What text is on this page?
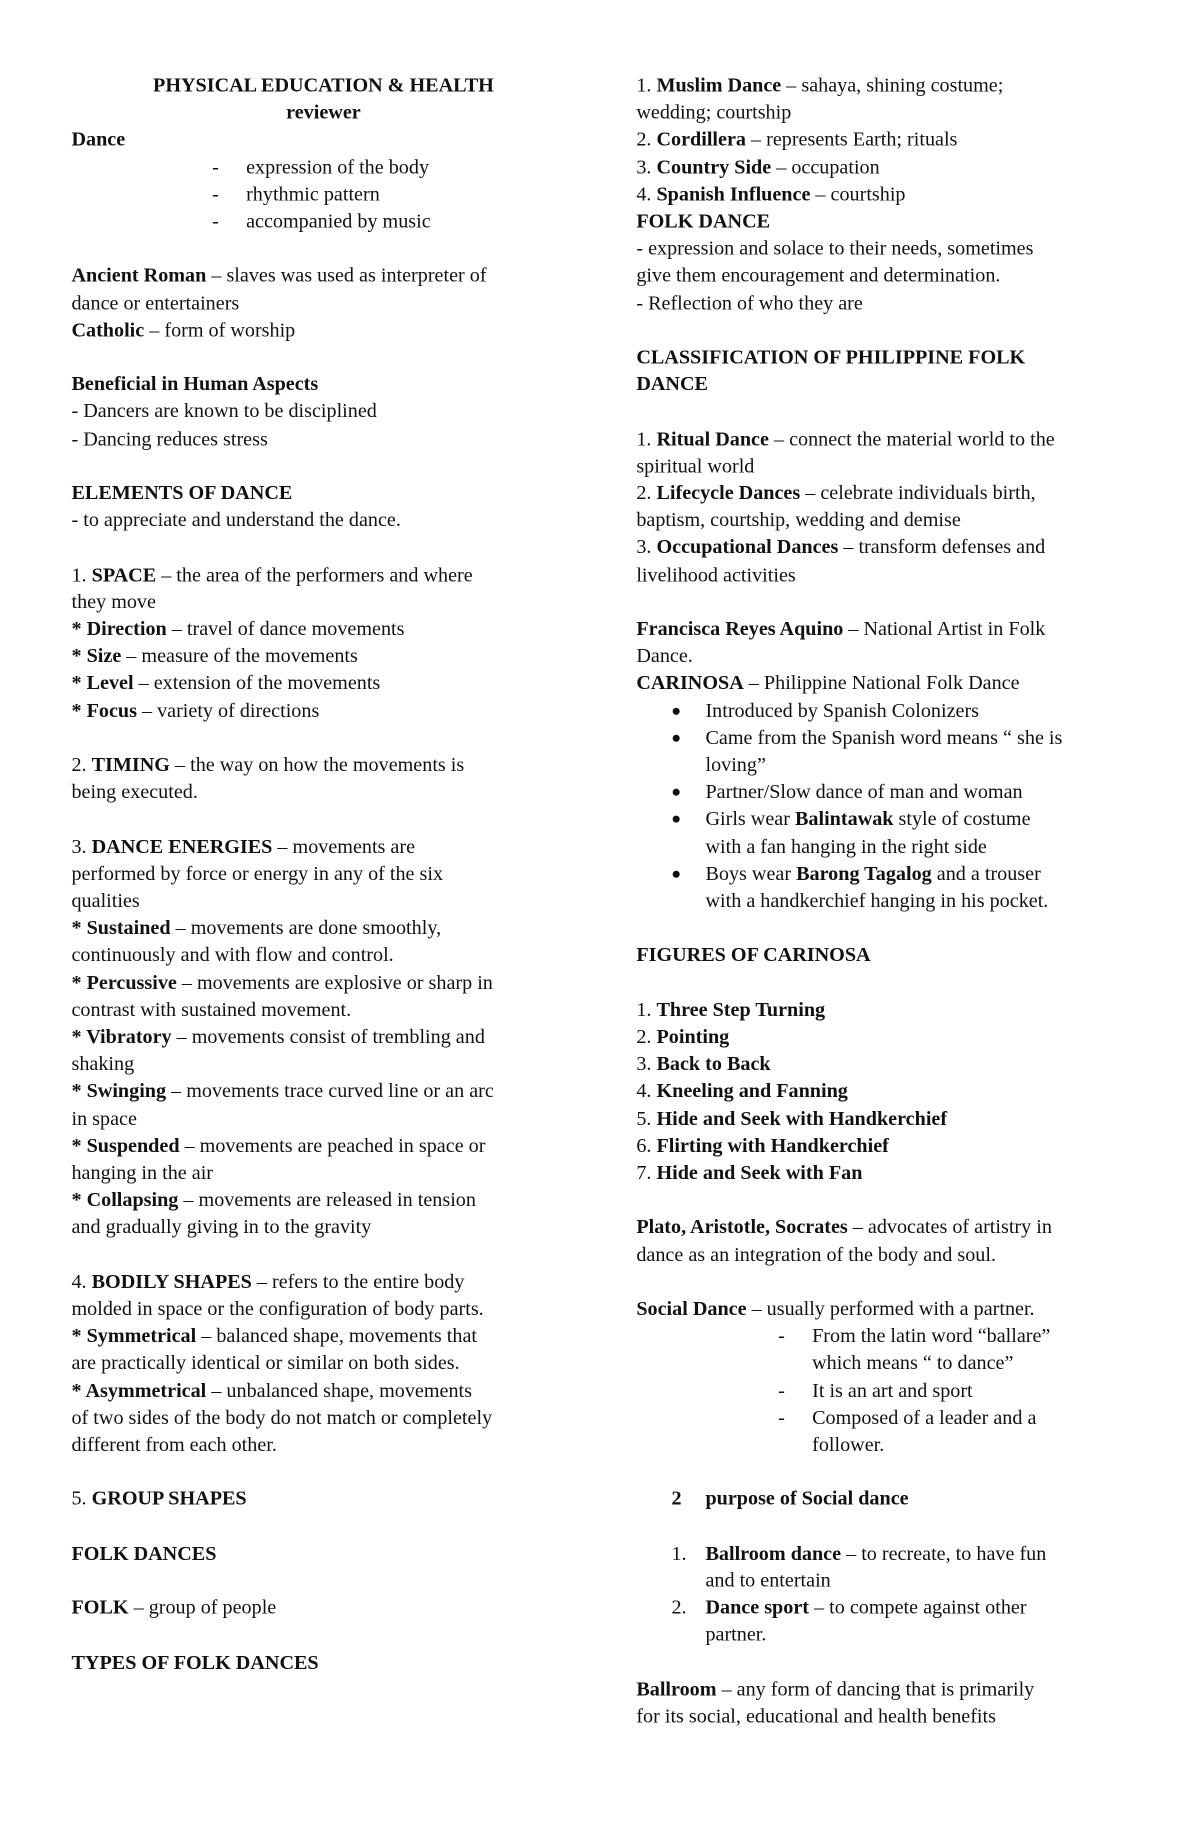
PHYSICAL EDUCATION & HEALTH
reviewer
Dance
- expression of the body
- rhythmic pattern
- accompanied by music
Ancient Roman – slaves was used as interpreter of
dance or entertainers
Catholic – form of worship
Beneficial in Human Aspects
- Dancers are known to be disciplined
- Dancing reduces stress
ELEMENTS OF DANCE
- to appreciate and understand the dance.
1. SPACE – the area of the performers and where
they move
* Direction – travel of dance movements
* Size – measure of the movements
* Level – extension of the movements
* Focus – variety of directions
2. TIMING – the way on how the movements is
being executed.
3. DANCE ENERGIES – movements are
performed by force or energy in any of the six
qualities
* Sustained – movements are done smoothly,
continuously and with flow and control.
* Percussive – movements are explosive or sharp in
contrast with sustained movement.
* Vibratory – movements consist of trembling and
shaking
* Swinging – movements trace curved line or an arc
in space
* Suspended – movements are peached in space or
hanging in the air
* Collapsing – movements are released in tension
and gradually giving in to the gravity
4. BODILY SHAPES – refers to the entire body
molded in space or the configuration of body parts.
* Symmetrical – balanced shape, movements that
are practically identical or similar on both sides.
* Asymmetrical – unbalanced shape, movements
of two sides of the body do not match or completely
different from each other.
5. GROUP SHAPES
FOLK DANCES
FOLK – group of people
TYPES OF FOLK DANCES
1. Muslim Dance – sahaya, shining costume;
wedding; courtship
2. Cordillera – represents Earth; rituals
3. Country Side – occupation
4. Spanish Influence – courtship
FOLK DANCE
- expression and solace to their needs, sometimes
give them encouragement and determination.
- Reflection of who they are
CLASSIFICATION OF PHILIPPINE FOLK
DANCE
1. Ritual Dance – connect the material world to the
spiritual world
2. Lifecycle Dances – celebrate individuals birth,
baptism, courtship, wedding and demise
3. Occupational Dances – transform defenses and
livelihood activities
Francisca Reyes Aquino – National Artist in Folk
Dance.
CARINOSA – Philippine National Folk Dance
Introduced by Spanish Colonizers
Came from the Spanish word means “ she is
loving”
Partner/Slow dance of man and woman
Girls wear Balintawak style of costume
with a fan hanging in the right side
Boys wear Barong Tagalog and a trouser
with a handkerchief hanging in his pocket.
FIGURES OF CARINOSA
1. Three Step Turning
2. Pointing
3. Back to Back
4. Kneeling and Fanning
5. Hide and Seek with Handkerchief
6. Flirting with Handkerchief
7. Hide and Seek with Fan
Plato, Aristotle, Socrates – advocates of artistry in
dance as an integration of the body and soul.
Social Dance – usually performed with a partner.
- From the latin word “ballare”
which means “ to dance”
- It is an art and sport
- Composed of a leader and a
follower.
2 purpose of Social dance
1. Ballroom dance – to recreate, to have fun
and to entertain
2. Dance sport – to compete against other
partner.
Ballroom – any form of dancing that is primarily
for its social, educational and health benefits
